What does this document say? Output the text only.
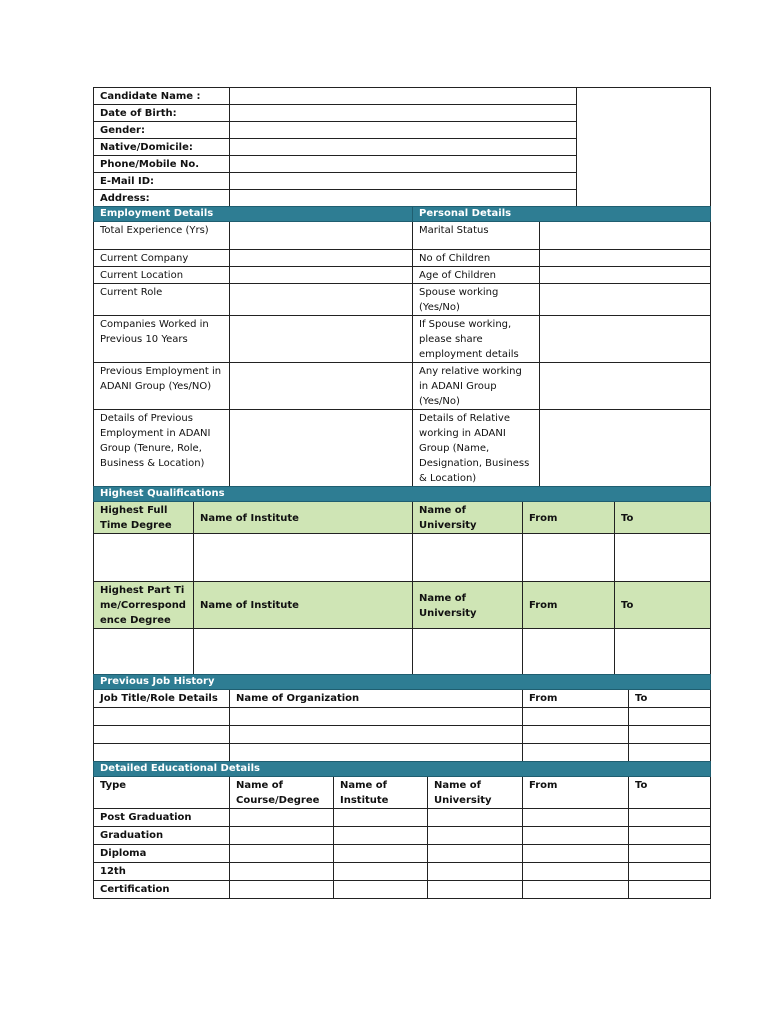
Candidate Name :		
Date of Birth:		
Gender:		
Native/Domicile:		
Phone/Mobile No.		
E-Mail ID:		
Address:		
Employment Details		Personal Details	
Total Experience (Yrs)		Marital Status	
Current Company		No of Children	
Current Location		Age of Children	
Current Role		Spouse working (Yes/No)	
Companies Worked in Previous 10 Years		If Spouse working, please share employment details	
Previous Employment in ADANI Group (Yes/NO)		Any relative working in ADANI Group (Yes/No)	
Details of Previous Employment in ADANI Group (Tenure, Role, Business & Location)		Details of Relative working in ADANI Group (Name, Designation, Business & Location)	
Highest Qualifications				
Highest Full Time Degree	Name of Institute	Name of University	From	To

Highest Part Time/Correspondence Degree	Name of Institute	Name of University	From	To

Previous Job History			
Job Title/Role Details	Name of Organization	From	To

Detailed Educational Details					
Type	Name of Course/Degree	Name of Institute	Name of University	From	To
Post Graduation					
Graduation					
Diploma					
12th					
Certification					
